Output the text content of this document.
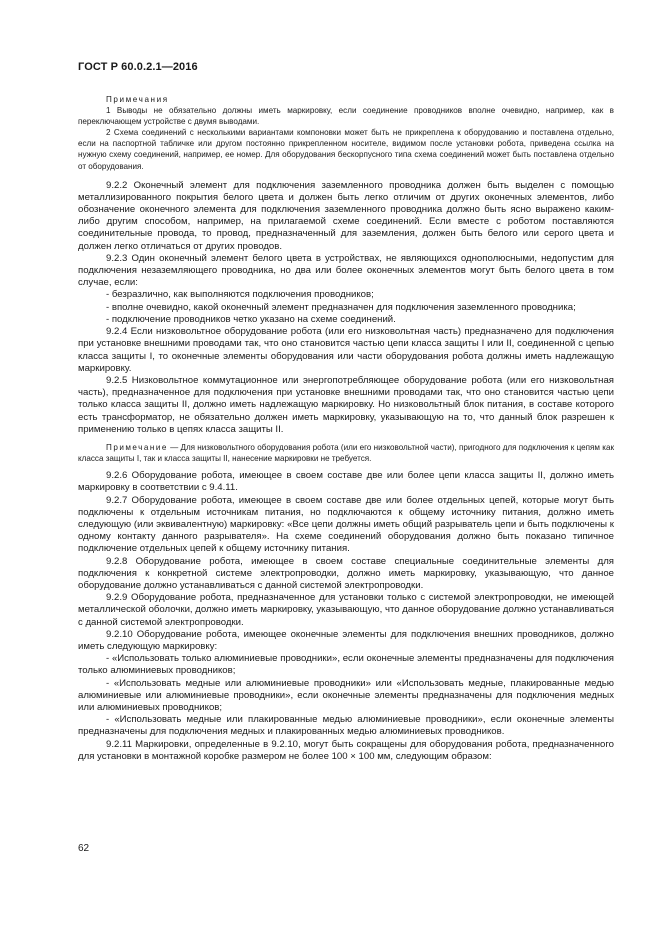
ГОСТ Р 60.0.2.1—2016
Примечания

1 Выводы не обязательно должны иметь маркировку, если соединение проводников вполне очевидно, например, как в переключающем устройстве с двумя выводами.

2 Схема соединений с несколькими вариантами компоновки может быть не прикреплена к оборудованию и поставлена отдельно, если на паспортной табличке или другом постоянно прикрепленном носителе, видимом после установки робота, приведена ссылка на нужную схему соединений, например, ее номер. Для оборудования бескорпусного типа схема соединений может быть поставлена отдельно от оборудования.

9.2.2 Оконечный элемент для подключения заземленного проводника должен быть выделен с помощью металлизированного покрытия белого цвета и должен быть легко отличим от других оконечных элементов, либо обозначение оконечного элемента для подключения заземленного проводника должно быть ясно выражено каким-либо другим способом, например, на прилагаемой схеме соединений. Если вместе с роботом поставляются соединительные провода, то провод, предназначенный для заземления, должен быть белого или серого цвета и должен легко отличаться от других проводов.

9.2.3 Один оконечный элемент белого цвета в устройствах, не являющихся однополюсными, недопустим для подключения незаземляющего проводника, но два или более оконечных элементов могут быть белого цвета в том случае, если:

- безразлично, как выполняются подключения проводников;

- вполне очевидно, какой оконечный элемент предназначен для подключения заземленного проводника;

- подключение проводников четко указано на схеме соединений.

9.2.4 Если низковольтное оборудование робота (или его низковольтная часть) предназначено для подключения при установке внешними проводами так, что оно становится частью цепи класса защиты I или II, соединенной с цепью класса защиты I, то оконечные элементы оборудования или части оборудования робота должны иметь надлежащую маркировку.

9.2.5 Низковольтное коммутационное или энергопотребляющее оборудование робота (или его низковольтная часть), предназначенное для подключения при установке внешними проводами так, что оно становится частью цепи только класса защиты II, должно иметь надлежащую маркировку. Но низковольтный блок питания, в составе которого есть трансформатор, не обязательно должен иметь маркировку, указывающую на то, что данный блок разрешен к применению только в цепях класса защиты II.

Примечание — Для низковольтного оборудования робота (или его низковольтной части), пригодного для подключения к цепям как класса защиты I, так и класса защиты II, нанесение маркировки не требуется.

9.2.6 Оборудование робота, имеющее в своем составе две или более цепи класса защиты II, должно иметь маркировку в соответствии с 9.4.11.

9.2.7 Оборудование робота, имеющее в своем составе две или более отдельных цепей, которые могут быть подключены к отдельным источникам питания, но подключаются к общему источнику питания, должно иметь следующую (или эквивалентную) маркировку: «Все цепи должны иметь общий разрыватель цепи и быть подключены к одному контакту данного разрывателя». На схеме соединений оборудования должно быть показано типичное подключение отдельных цепей к общему источнику питания.

9.2.8 Оборудование робота, имеющее в своем составе специальные соединительные элементы для подключения к конкретной системе электропроводки, должно иметь маркировку, указывающую, что данное оборудование должно устанавливаться с данной системой электропроводки.

9.2.9 Оборудование робота, предназначенное для установки только с системой электропроводки, не имеющей металлической оболочки, должно иметь маркировку, указывающую, что данное оборудование должно устанавливаться с данной системой электропроводки.

9.2.10 Оборудование робота, имеющее оконечные элементы для подключения внешних проводников, должно иметь следующую маркировку:

- «Использовать только алюминиевые проводники», если оконечные элементы предназначены для подключения только алюминиевых проводников;

- «Использовать медные или алюминиевые проводники» или «Использовать медные, плакированные медью алюминиевые или алюминиевые проводники», если оконечные элементы предназначены для подключения медных или алюминиевых проводников;

- «Использовать медные или плакированные медью алюминиевые проводники», если оконечные элементы предназначены для подключения медных и плакированных медью алюминиевых проводников.

9.2.11 Маркировки, определенные в 9.2.10, могут быть сокращены для оборудования робота, предназначенного для установки в монтажной коробке размером не более 100 × 100 мм, следующим образом:

62
